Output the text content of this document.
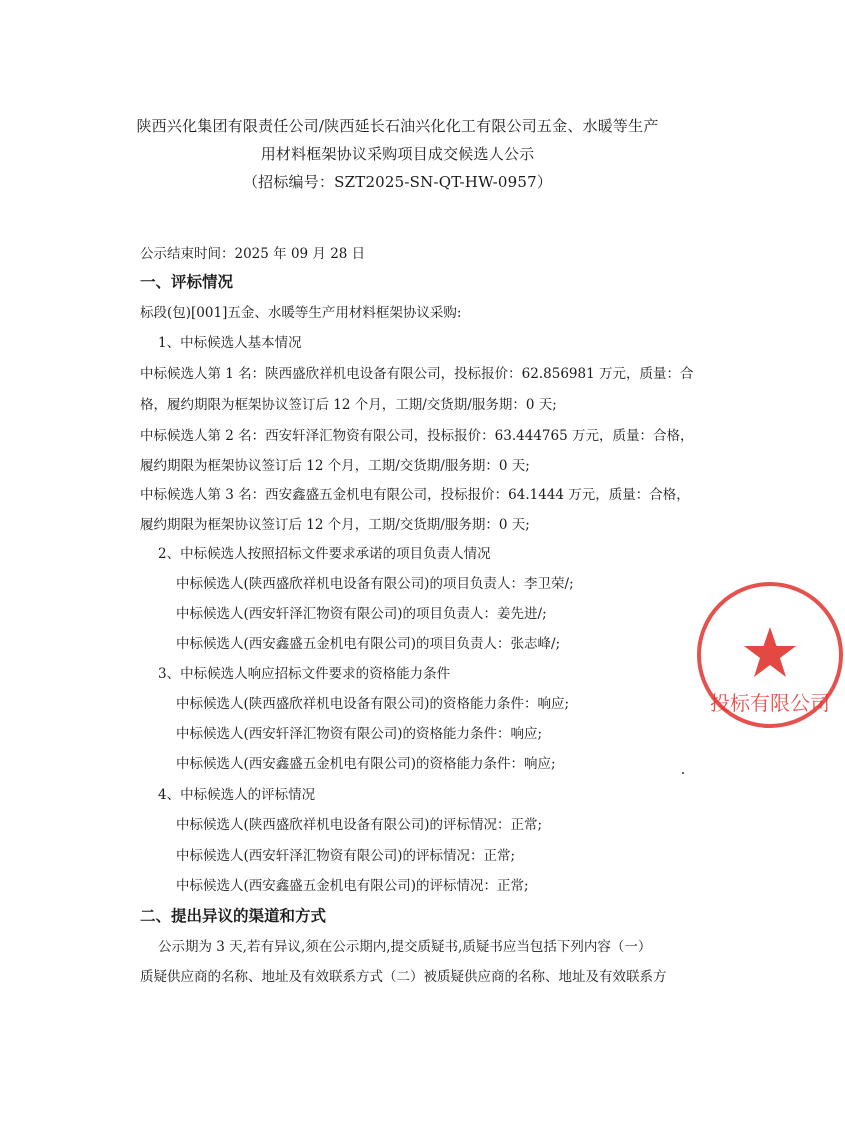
陕西兴化集团有限责任公司/陕西延长石油兴化化工有限公司五金、水暖等生产
用材料框架协议采购项目成交候选人公示
（招标编号：SZT2025-SN-QT-HW-0957）
公示结束时间：2025 年 09 月 28 日
一、评标情况
标段(包)[001]五金、水暖等生产用材料框架协议采购:
1、中标候选人基本情况
中标候选人第 1 名：陕西盛欣祥机电设备有限公司，投标报价：62.856981 万元，质量：合
格，履约期限为框架协议签订后 12 个月，工期/交货期/服务期：0 天;
中标候选人第 2 名：西安轩泽汇物资有限公司，投标报价：63.444765 万元，质量：合格，
履约期限为框架协议签订后 12 个月，工期/交货期/服务期：0 天;
中标候选人第 3 名：西安鑫盛五金机电有限公司，投标报价：64.1444 万元，质量：合格，
履约期限为框架协议签订后 12 个月，工期/交货期/服务期：0 天;
2、中标候选人按照招标文件要求承诺的项目负责人情况
中标候选人(陕西盛欣祥机电设备有限公司)的项目负责人：李卫荣/;
中标候选人(西安轩泽汇物资有限公司)的项目负责人：姜先进/;
中标候选人(西安鑫盛五金机电有限公司)的项目负责人：张志峰/;
3、中标候选人响应招标文件要求的资格能力条件
中标候选人(陕西盛欣祥机电设备有限公司)的资格能力条件：响应;
中标候选人(西安轩泽汇物资有限公司)的资格能力条件：响应;
中标候选人(西安鑫盛五金机电有限公司)的资格能力条件：响应;
4、中标候选人的评标情况
中标候选人(陕西盛欣祥机电设备有限公司)的评标情况：正常;
中标候选人(西安轩泽汇物资有限公司)的评标情况：正常;
中标候选人(西安鑫盛五金机电有限公司)的评标情况：正常;
二、提出异议的渠道和方式
公示期为 3 天,若有异议,须在公示期内,提交质疑书,质疑书应当包括下列内容（一）
质疑供应商的名称、地址及有效联系方式（二）被质疑供应商的名称、地址及有效联系方
投标有限公司
